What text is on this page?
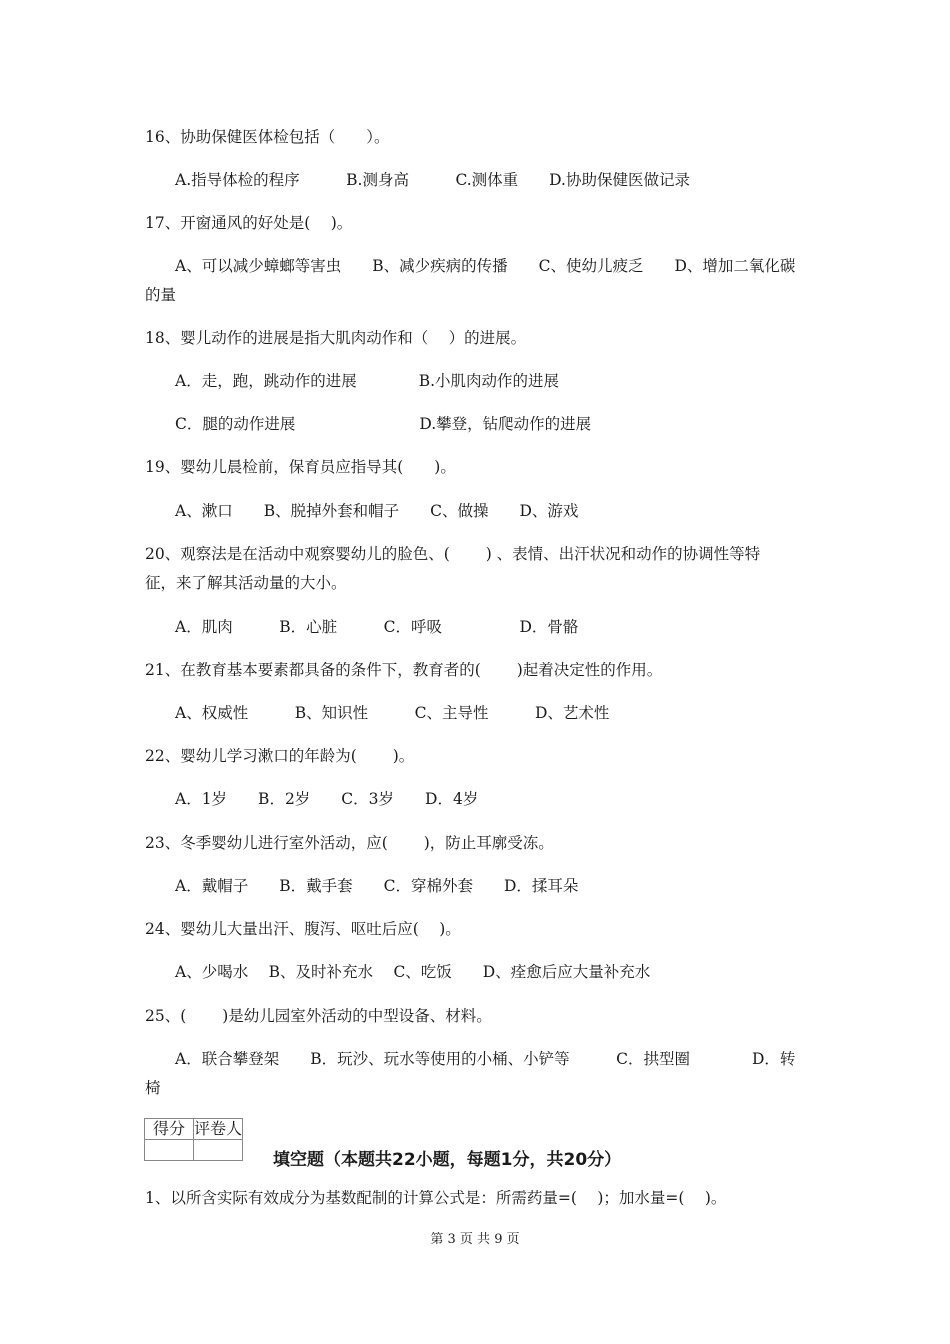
16、协助保健医体检包括（　　）。
A.指导体检的程序　　　B.测身高　　　C.测体重　　D.协助保健医做记录
17、开窗通风的好处是(　 )。
A、可以减少蟑螂等害虫　　B、减少疾病的传播　　C、使幼儿疲乏　　D、增加二氧化碳
的量
18、婴儿动作的进展是指大肌肉动作和（　 ）的进展。
A．走，跑，跳动作的进展　　　　B.小肌肉动作的进展
C．腿的动作进展　　　　　　　　D.攀登，钻爬动作的进展
19、婴幼儿晨检前，保育员应指导其(　　)。
A、漱口　　B、脱掉外套和帽子　　C、做操　　D、游戏
20、观察法是在活动中观察婴幼儿的脸色、(　　 ) 、表情、出汗状况和动作的协调性等特
征，来了解其活动量的大小。
A．肌肉　　　B．心脏　　　C．呼吸　　　　　D．骨骼
21、在教育基本要素都具备的条件下，教育者的(　　 )起着决定性的作用。
A、权威性　　　B、知识性　　　C、主导性　　　D、艺术性
22、婴幼儿学习漱口的年龄为(　　 )。
A．1岁　　B．2岁　　C．3岁　　D．4岁
23、冬季婴幼儿进行室外活动，应(　　 )，防止耳廓受冻。
A．戴帽子　　B．戴手套　　C．穿棉外套　　D．揉耳朵
24、婴幼儿大量出汗、腹泻、呕吐后应(　 )。
A、少喝水　 B、及时补充水　 C、吃饭　　D、痊愈后应大量补充水
25、(　　 )是幼儿园室外活动的中型设备、材料。
A．联合攀登架　　B．玩沙、玩水等使用的小桶、小铲等　　　C．拱型圈　　　　D．转
椅
得分	评卷人

填空题（本题共22小题，每题1分，共20分）
1、以所含实际有效成分为基数配制的计算公式是：所需药量=(　 )；加水量=(　 )。
第 3 页 共 9 页
